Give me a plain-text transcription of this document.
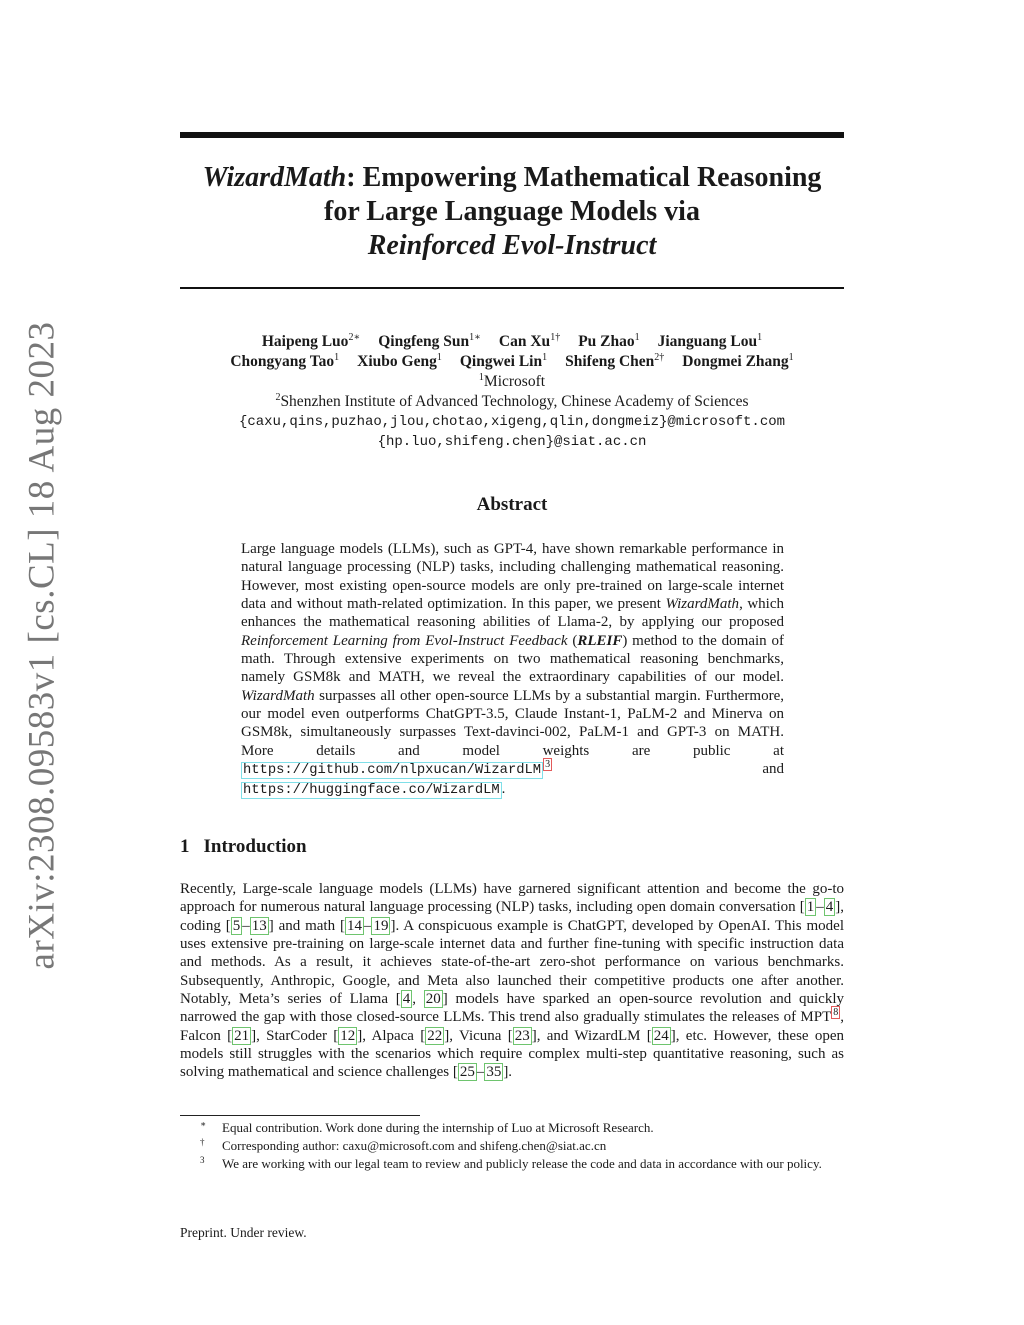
arXiv:2308.09583v1 [cs.CL] 18 Aug 2023
WizardMath: Empowering Mathematical Reasoning
for Large Language Models via
Reinforced Evol-Instruct
Haipeng Luo$^{2∗}$ Qingfeng Sun$^{1∗}$ Can $Xu^{1\dagger}$ Pu Zhao$^1$ Jianguang Lou$^1$
Chongyang Tao$^1$ Xiubo Geng$^1$ Qingwei Lin$^1$ Shifeng Chen$^{2\dagger}$ Dongmei Zhang$^1$
$^1$Microsoft
$^2$Shenzhen Institute of Advanced Technology, Chinese Academy of Sciences
{caxu,qins,puzhao,jlou,chotao,xigeng,qlin,dongmeiz}@microsoft.com
{hp.luo,shifeng.chen}@siat.ac.cn
Abstract

Large language models (LLMs), such as GPT-4, have shown remarkable performance in natural language processing (NLP) tasks, including challenging mathematical reasoning. However, most existing open-source models are only pre-trained on large-scale internet data and without math-related optimization. In this paper, we present WizardMath, which enhances the mathematical reasoning abilities of Llama-2, by applying our proposed Reinforcement Learning from Evol-Instruct Feedback (RLEIF) method to the domain of math. Through extensive experiments on two mathematical reasoning benchmarks, namely GSM8k and MATH, we reveal the extraordinary capabilities of our model. WizardMath surpasses all other open-source LLMs by a substantial margin. Furthermore, our model even outperforms ChatGPT-3.5, Claude Instant-1, PaLM-2 and Minerva on GSM8k, simultaneously surpasses Text-davinci-002, PaLM-1 and GPT-3 on MATH. More details and model weights are public at https://github.com/nlpxucan/WizardLM $^3$ and https://huggingface.co/WizardLM .

1 Introduction

Recently, Large-scale language models (LLMs) have garnered significant attention and become the go-to approach for numerous natural language processing (NLP) tasks, including open domain conversation [ 1 – 4 ], coding [ 5 – 13 ] and math [ 14 – 19 ]. A conspicuous example is ChatGPT, developed by OpenAI. This model uses extensive pre-training on large-scale internet data and further fine-tuning with specific instruction data and methods. As a result, it achieves state-of-the-art zero-shot performance on various benchmarks. Subsequently, Anthropic, Google, and Meta also launched their competitive products one after another. Notably, Meta’s series of Llama [ 4 , 20 ] models have sparked an open-source revolution and quickly narrowed the gap with those closed-source LLMs. This trend also gradually stimulates the releases of MPT $^8$ , Falcon [ 21 ], StarCoder [ 12 ], Alpaca [ 22 ], Vicuna [ 23 ], and WizardLM [ 24 ], etc. However, these open models still struggles with the scenarios which require complex multi-step quantitative reasoning, such as solving mathematical and science challenges [ 25 – 35 ].

∗ Equal contribution. Work done during the internship of Luo at Microsoft Research.
† Corresponding author: caxu@microsoft.com and shifeng.chen@siat.ac.cn
3 We are working with our legal team to review and publicly release the code and data in accordance with our policy.
Preprint. Under review.
